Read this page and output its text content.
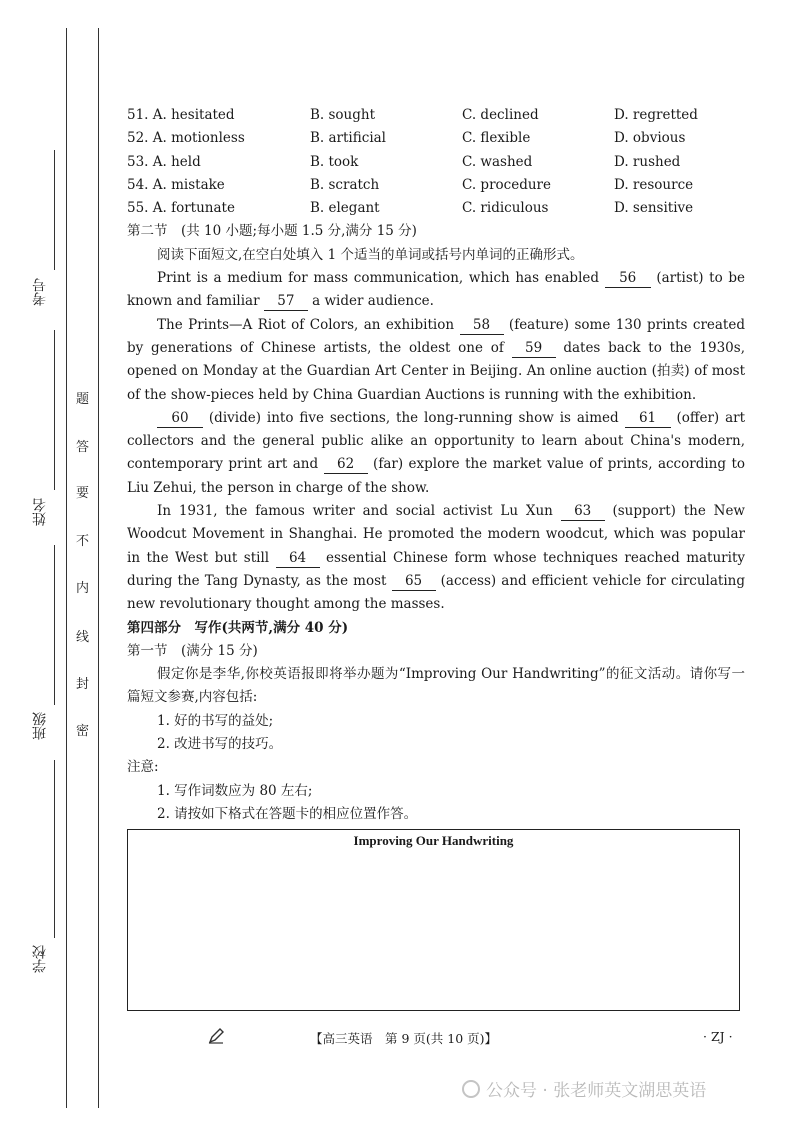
考号
姓名
班级
学校
题
答
要
不
内
线
封
密
51. A. hesitated	B. sought	C. declined	D. regretted
52. A. motionless	B. artificial	C. flexible	D. obvious
53. A. held	B. took	C. washed	D. rushed
54. A. mistake	B. scratch	C. procedure	D. resource
55. A. fortunate	B. elegant	C. ridiculous	D. sensitive

第二节　(共 10 小题;每小题 1.5 分,满分 15 分)

阅读下面短文,在空白处填入 1 个适当的单词或括号内单词的正确形式。

Print is a medium for mass communication, which has enabled 56 (artist) to be known and familiar 57 a wider audience.

The Prints—A Riot of Colors, an exhibition 58 (feature) some 130 prints created by generations of Chinese artists, the oldest one of 59 dates back to the 1930s, opened on Monday at the Guardian Art Center in Beijing. An online auction (拍卖) of most of the show-pieces held by China Guardian Auctions is running with the exhibition.

60 (divide) into five sections, the long-running show is aimed 61 (offer) art collectors and the general public alike an opportunity to learn about China's modern, contemporary print art and 62 (far) explore the market value of prints, according to Liu Zehui, the person in charge of the show.

In 1931, the famous writer and social activist Lu Xun 63 (support) the New Woodcut Movement in Shanghai. He promoted the modern woodcut, which was popular in the West but still 64 essential Chinese form whose techniques reached maturity during the Tang Dynasty, as the most 65 (access) and efficient vehicle for circulating new revolutionary thought among the masses.

第四部分　写作(共两节,满分 40 分)

第一节　(满分 15 分)

假定你是李华,你校英语报即将举办题为“Improving Our Handwriting”的征文活动。请你写一篇短文参赛,内容包括:

1. 好的书写的益处;

2. 改进书写的技巧。

注意:

1. 写作词数应为 80 左右;

2. 请按如下格式在答题卡的相应位置作答。

Improving Our Handwriting
【高三英语　第 9 页(共 10 页)】	· ZJ ·
公众号 · 张老师英文湖思英语
